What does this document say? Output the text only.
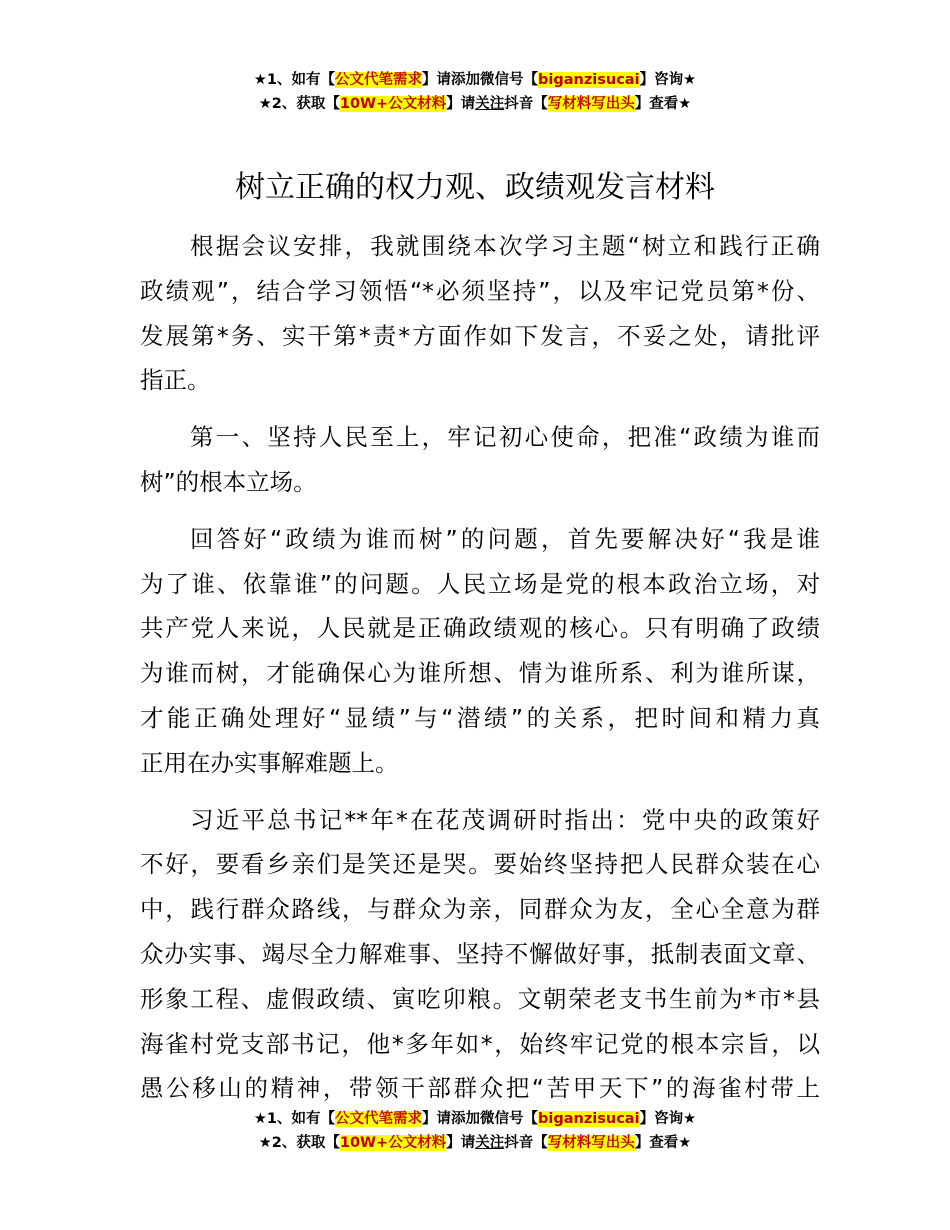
★1、如有【公文代笔需求】请添加微信号【biganzisucai】咨询★
★2、获取【10W+公文材料】请关注抖音【写材料写出头】查看★
树立正确的权力观、政绩观发言材料
根据会议安排，我就围绕本次学习主题“树立和践行正确
政绩观”，结合学习领悟“*必须坚持”，以及牢记党员第*份、
发展第*务、实干第*责*方面作如下发言，不妥之处，请批评
指正。
第一、坚持人民至上，牢记初心使命，把准“政绩为谁而
树”的根本立场。
回答好“政绩为谁而树”的问题，首先要解决好“我是谁
为了谁、依靠谁”的问题。人民立场是党的根本政治立场，对
共产党人来说，人民就是正确政绩观的核心。只有明确了政绩
为谁而树，才能确保心为谁所想、情为谁所系、利为谁所谋，
才能正确处理好“显绩”与“潜绩”的关系，把时间和精力真
正用在办实事解难题上。
习近平总书记**年*在花茂调研时指出：党中央的政策好
不好，要看乡亲们是笑还是哭。要始终坚持把人民群众装在心
中，践行群众路线，与群众为亲，同群众为友，全心全意为群
众办实事、竭尽全力解难事、坚持不懈做好事，抵制表面文章、
形象工程、虚假政绩、寅吃卯粮。文朝荣老支书生前为*市*县
海雀村党支部书记，他*多年如*，始终牢记党的根本宗旨，以
愚公移山的精神，带领干部群众把“苦甲天下”的海雀村带上
★1、如有【公文代笔需求】请添加微信号【biganzisucai】咨询★
★2、获取【10W+公文材料】请关注抖音【写材料写出头】查看★
